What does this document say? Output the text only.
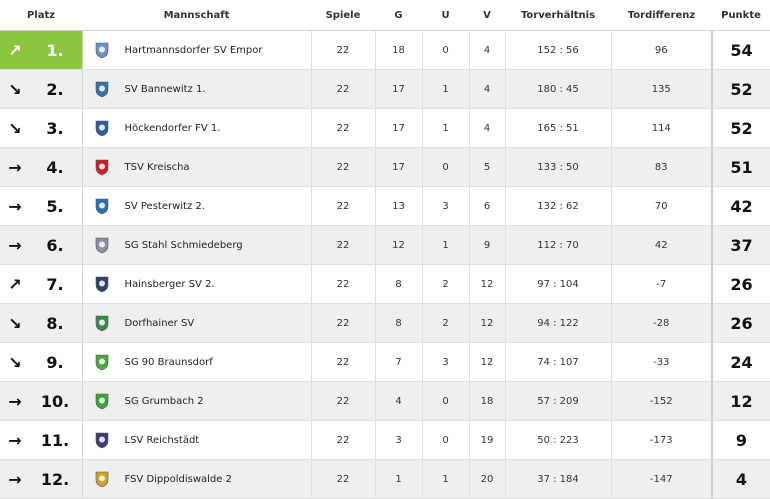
Platz	Mannschaft	Spiele	G	U	V	Torverhältnis	Tordifferenz	Punkte

↗ 1.	Hartmannsdorfer SV Empor	22	18	0	4	152 : 56	96	54

↘ 2.	SV Bannewitz 1.	22	17	1	4	180 : 45	135	52

↘ 3.	Höckendorfer FV 1.	22	17	1	4	165 : 51	114	52

→ 4.	TSV Kreischa	22	17	0	5	133 : 50	83	51

→ 5.	SV Pesterwitz 2.	22	13	3	6	132 : 62	70	42

→ 6.	SG Stahl Schmiedeberg	22	12	1	9	112 : 70	42	37

↗ 7.	Hainsberger SV 2.	22	8	2	12	97 : 104	-7	26

↘ 8.	Dorfhainer SV	22	8	2	12	94 : 122	-28	26

↘ 9.	SG 90 Braunsdorf	22	7	3	12	74 : 107	-33	24

→ 10.	SG Grumbach 2	22	4	0	18	57 : 209	-152	12

→ 11.	LSV Reichstädt	22	3	0	19	50 : 223	-173	9

→ 12.	FSV Dippoldiswalde 2	22	1	1	20	37 : 184	-147	4
